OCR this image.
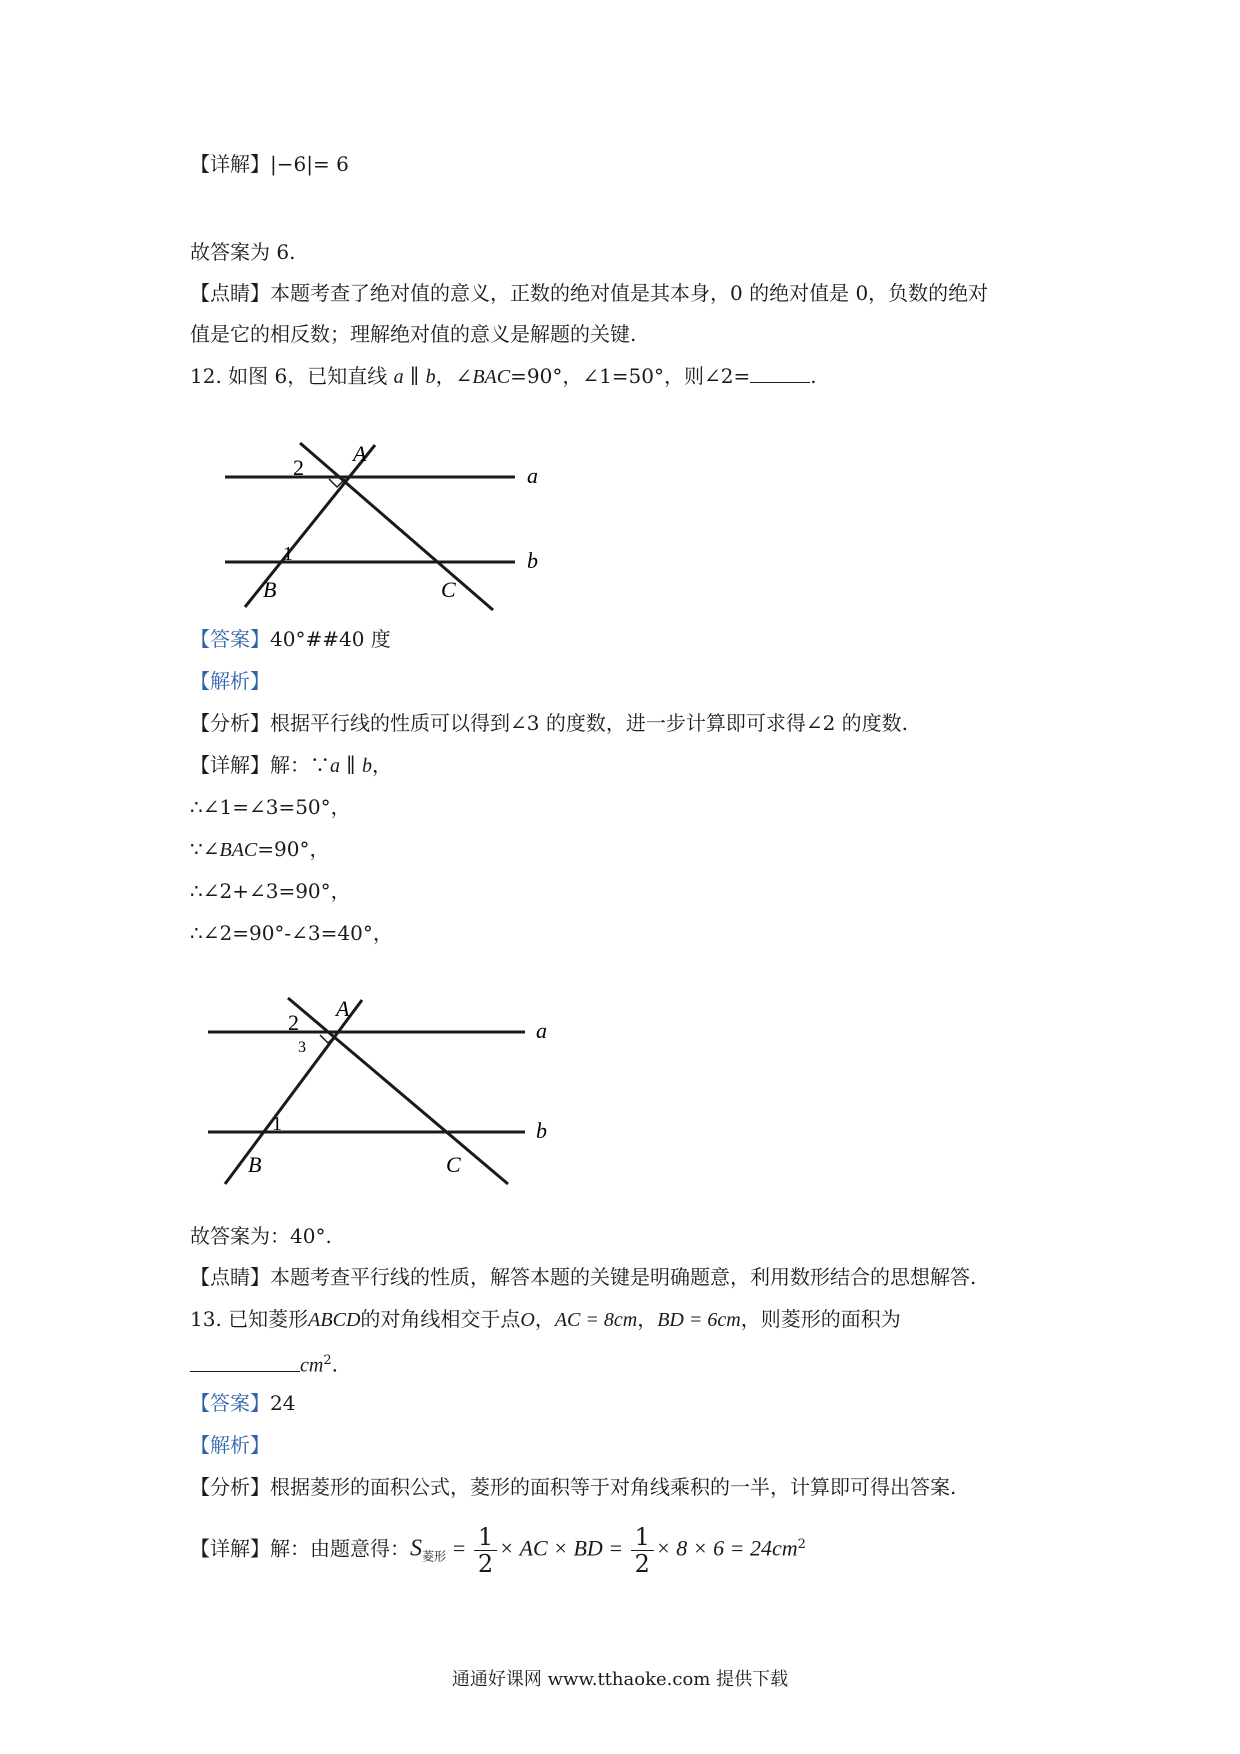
【详解】|−6|= 6
故答案为 6.
【点睛】本题考查了绝对值的意义，正数的绝对值是其本身，0 的绝对值是 0，负数的绝对
值是它的相反数；理解绝对值的意义是解题的关键.
12. 如图 6，已知直线 a ∥ b，∠BAC=90°，∠1=50°，则∠2=	.
A
2
1
B	C
a
b
【答案】40°##40 度
【解析】
【分析】根据平行线的性质可以得到∠3 的度数，进一步计算即可求得∠2 的度数.
【详解】解：∵a ∥ b，
∴∠1=∠3=50°，
∵∠BAC=90°，
∴∠2+∠3=90°，
∴∠2=90°-∠3=40°，
A
2
3
1
B	C
a
b
故答案为：40°.
【点睛】本题考查平行线的性质，解答本题的关键是明确题意，利用数形结合的思想解答.
13. 已知菱形ABCD的对角线相交于点O，AC = 8cm，BD = 6cm，则菱形的面积为
$cm^2$.
【答案】24
【解析】
【分析】根据菱形的面积公式，菱形的面积等于对角线乘积的一半，计算即可得出答案.
【详解】解：由题意得：$S_{菱形} = \frac{1}{2}$ × AC × BD = $\frac{1}{2} \times 8 \times 6 = 24cm^2$
通通好课网 www.tthaoke.com 提供下载
